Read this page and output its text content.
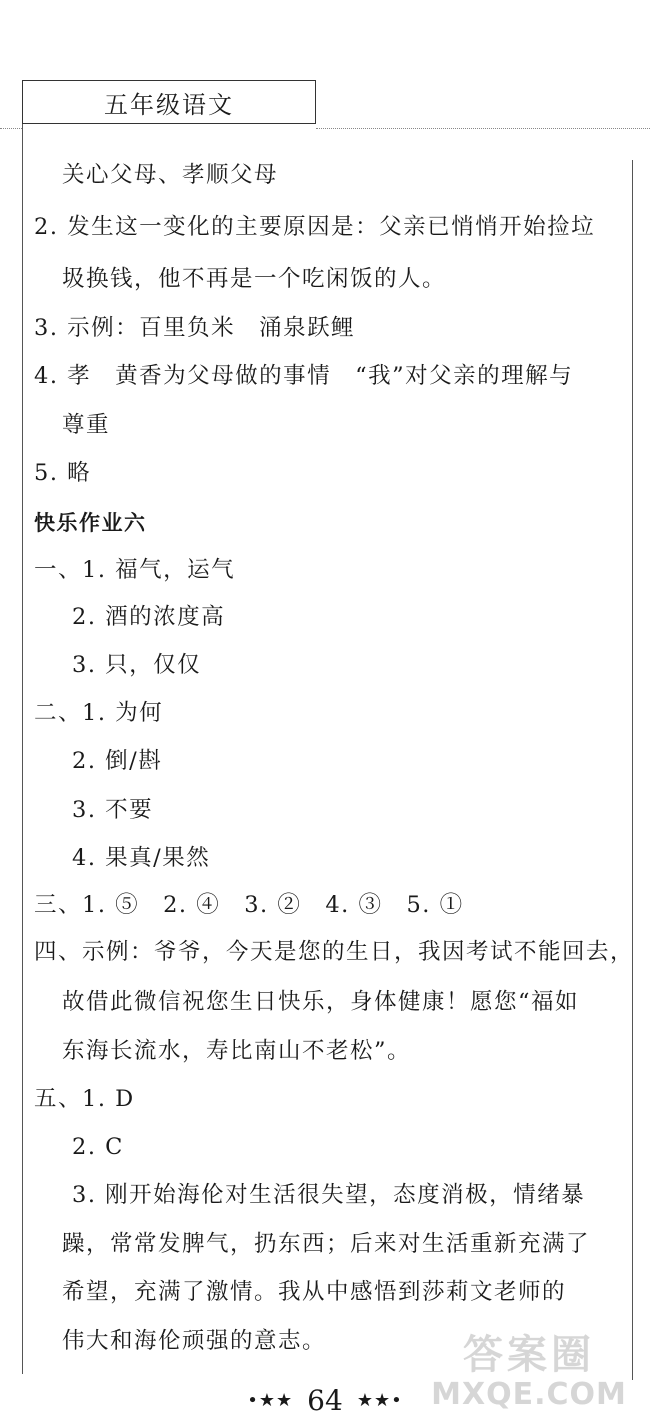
五年级语文
关心父母、孝顺父母
2. 发生这一变化的主要原因是：父亲已悄悄开始捡垃
圾换钱，他不再是一个吃闲饭的人。
3. 示例：百里负米　涌泉跃鲤
4. 孝　黄香为父母做的事情　“我”对父亲的理解与
尊重
5. 略
快乐作业六
一、1. 福气，运气
2. 酒的浓度高
3. 只，仅仅
二、1. 为何
2. 倒/斟
3. 不要
4. 果真/果然
三、1. ⑤　2. ④　3. ②　4. ③　5. ①
四、示例：爷爷，今天是您的生日，我因考试不能回去，
故借此微信祝您生日快乐，身体健康！愿您“福如
东海长流水，寿比南山不老松”。
五、1. D
2. C
3. 刚开始海伦对生活很失望，态度消极，情绪暴
躁，常常发脾气，扔东西；后来对生活重新充满了
希望，充满了激情。我从中感悟到莎莉文老师的
伟大和海伦顽强的意志。
•★★ 64 ★★•
答案圈
MXQE.COM
